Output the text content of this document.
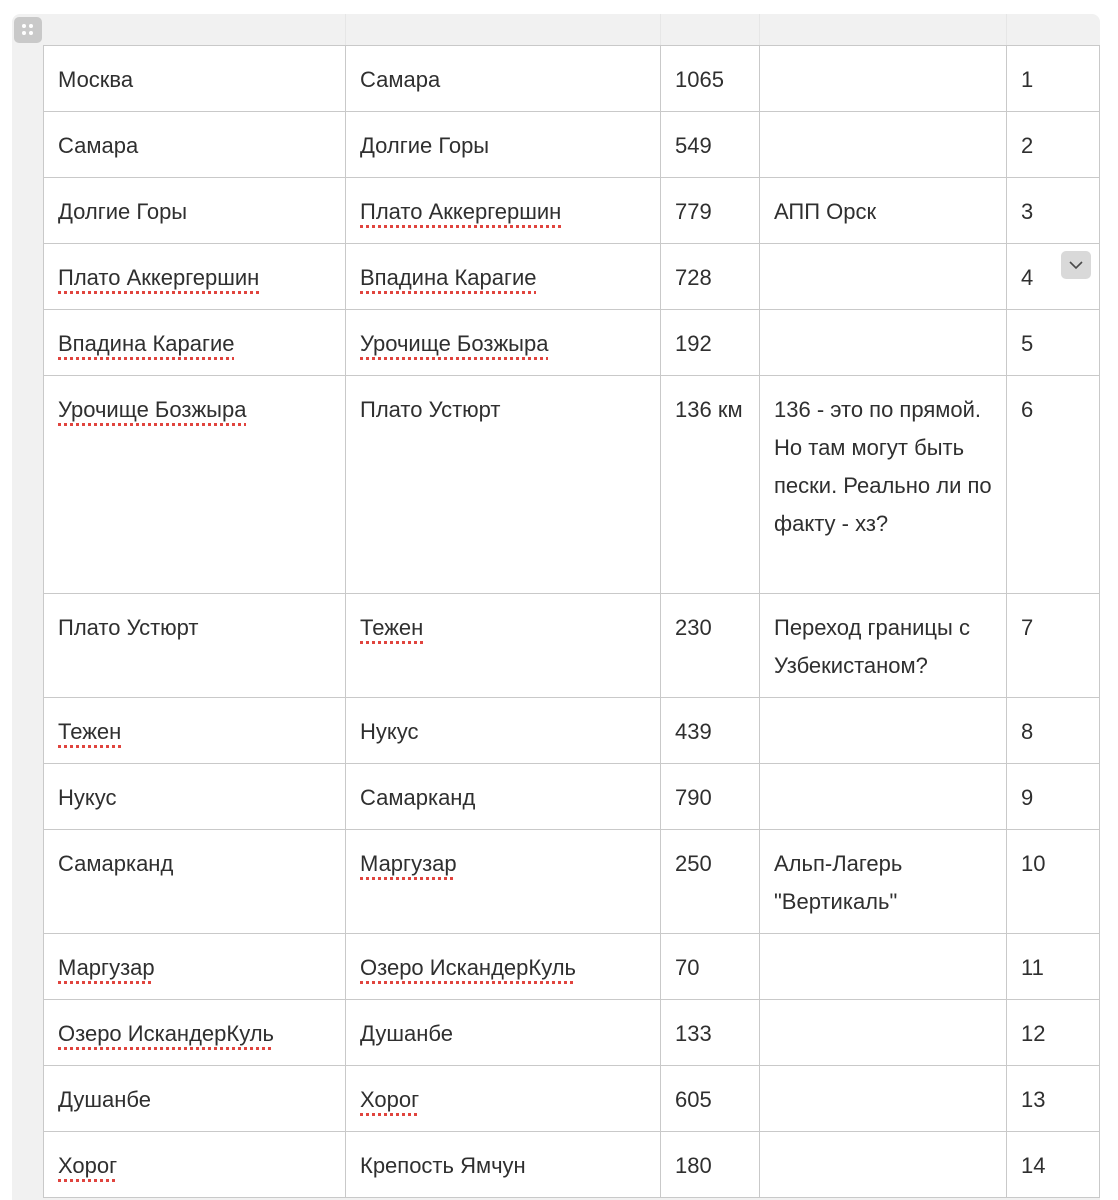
Москва	Самара	1065		1
Самара	Долгие Горы	549		2
Долгие Горы	Плато Аккергершин	779	АПП Орск	3
Плато Аккергершин	Впадина Карагие	728		4
Впадина Карагие	Урочище Бозжыра	192		5
Урочище Бозжыра	Плато Устюрт	136 км	136 - это по прямой. Но там могут быть пески. Реально ли по факту - хз?	6
Плато Устюрт	Тежен	230	Переход границы с Узбекистаном?	7
Тежен	Нукус	439		8
Нукус	Самарканд	790		9
Самарканд	Маргузар	250	Альп-Лагерь "Вертикаль"	10
Маргузар	Озеро ИскандерКуль	70		11
Озеро ИскандерКуль	Душанбе	133		12
Душанбе	Хорог	605		13
Хорог	Крепость Ямчун	180		14
